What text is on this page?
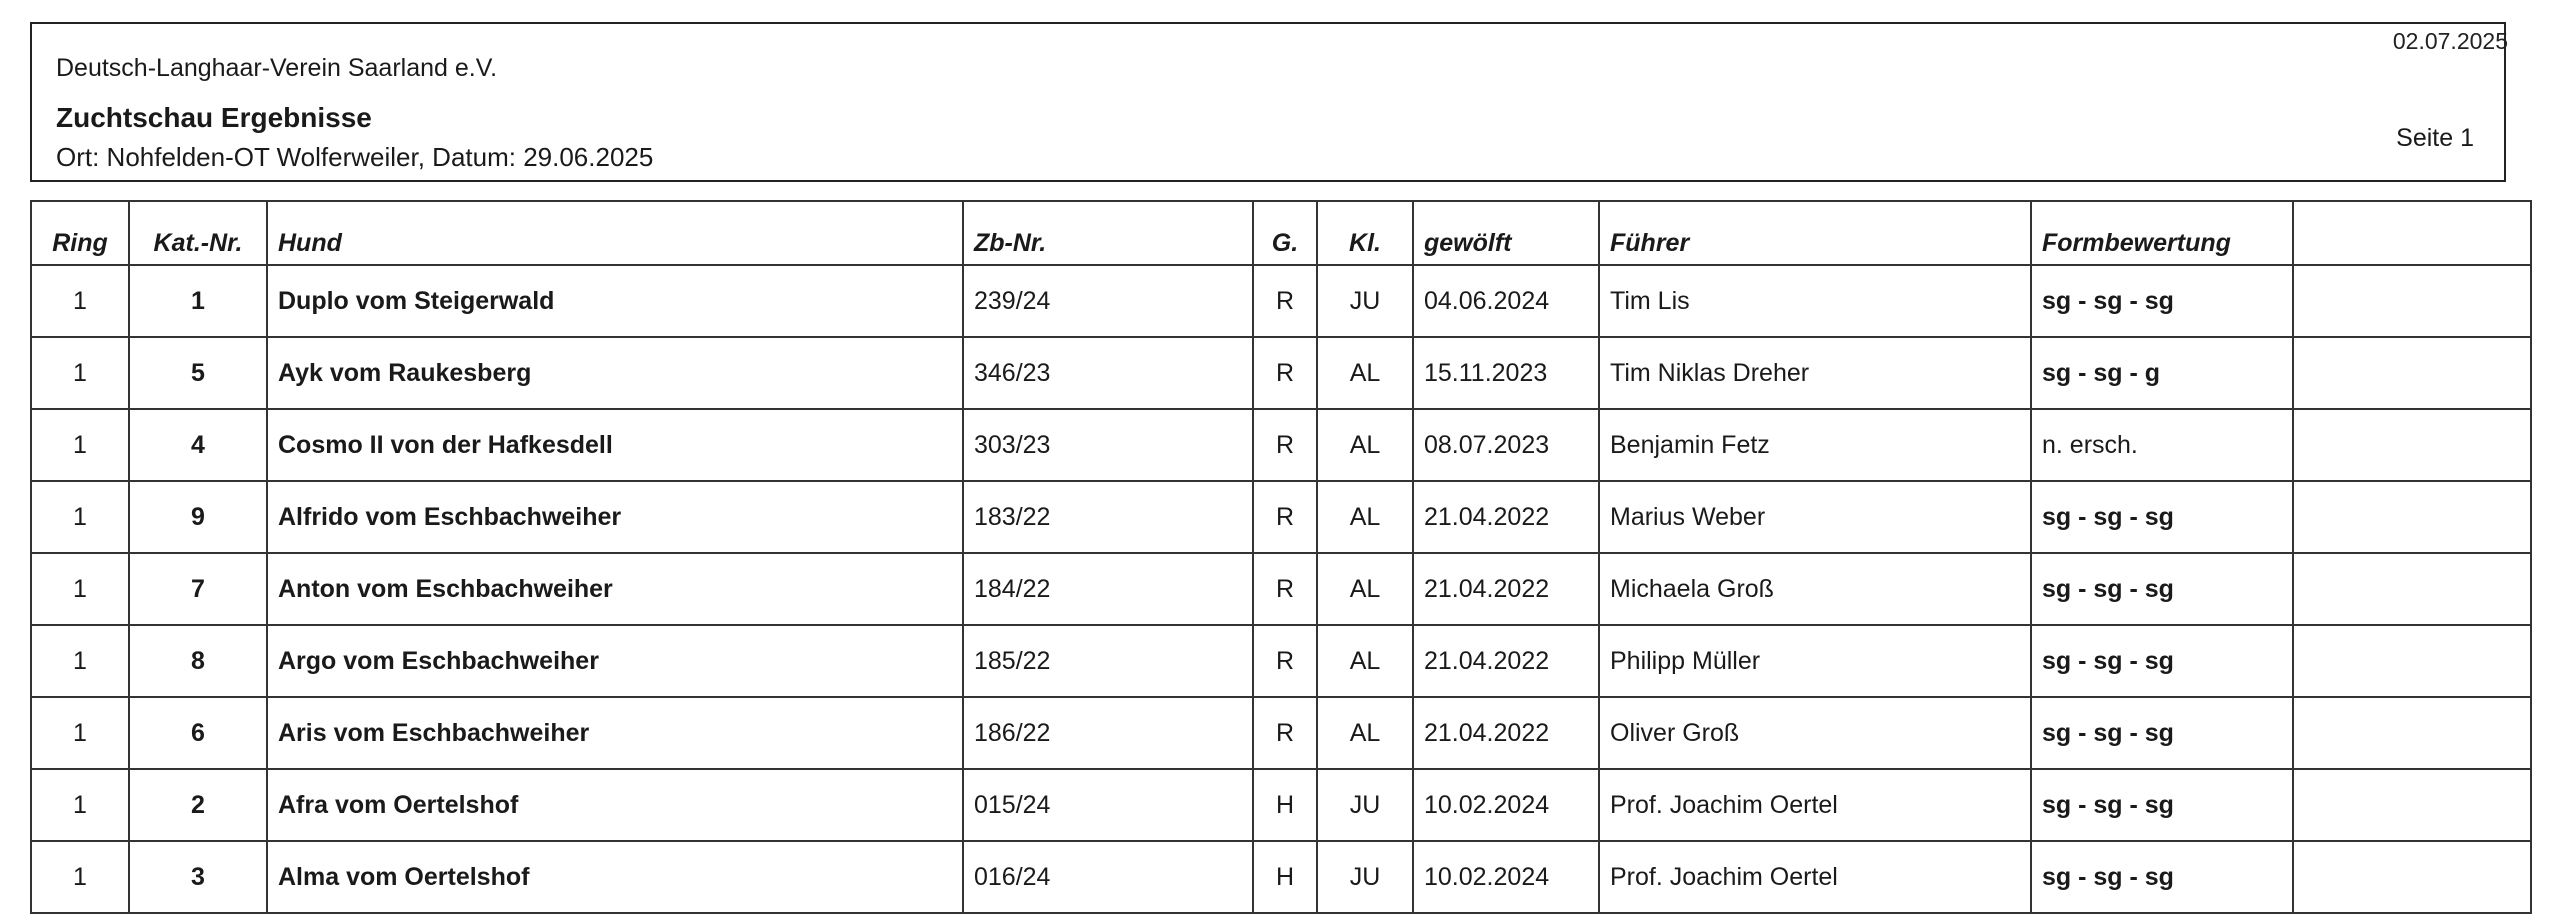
02.07.2025
Deutsch-Langhaar-Verein Saarland e.V.
Zuchtschau Ergebnisse
Ort: Nohfelden-OT Wolferweiler, Datum: 29.06.2025
Seite 1
Ring	Kat.-Nr.	Hund	Zb-Nr.	G.	Kl.	gewölft	Führer	Formbewertung	
1	1	Duplo vom Steigerwald	239/24	R	JU	04.06.2024	Tim Lis	sg - sg - sg	
1	5	Ayk vom Raukesberg	346/23	R	AL	15.11.2023	Tim Niklas Dreher	sg - sg - g	
1	4	Cosmo II von der Hafkesdell	303/23	R	AL	08.07.2023	Benjamin Fetz	n. ersch.	
1	9	Alfrido vom Eschbachweiher	183/22	R	AL	21.04.2022	Marius Weber	sg - sg - sg	
1	7	Anton vom Eschbachweiher	184/22	R	AL	21.04.2022	Michaela Groß	sg - sg - sg	
1	8	Argo vom Eschbachweiher	185/22	R	AL	21.04.2022	Philipp Müller	sg - sg - sg	
1	6	Aris vom Eschbachweiher	186/22	R	AL	21.04.2022	Oliver Groß	sg - sg - sg	
1	2	Afra vom Oertelshof	015/24	H	JU	10.02.2024	Prof. Joachim Oertel	sg - sg - sg	
1	3	Alma vom Oertelshof	016/24	H	JU	10.02.2024	Prof. Joachim Oertel	sg - sg - sg	
